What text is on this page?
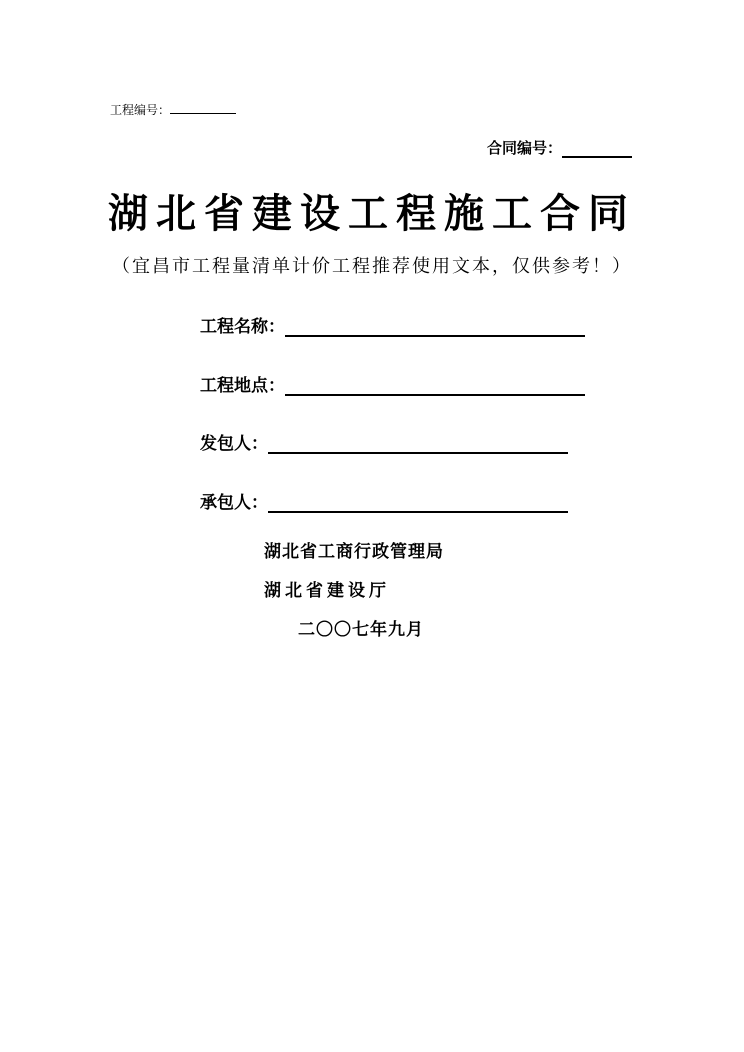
工程编号：
合同编号：
湖北省建设工程施工合同
（宜昌市工程量清单计价工程推荐使用文本，仅供参考！）
工程名称：
工程地点：
发包人：
承包人：
湖北省工商行政管理局
湖北省建设厅
二〇〇七年九月
